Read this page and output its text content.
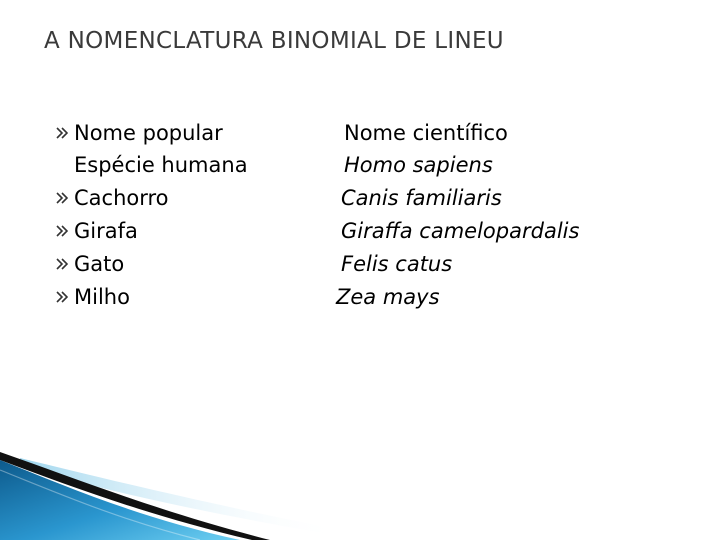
A NOMENCLATURA BINOMIAL DE LINEU
Nome popular	Nome científico
Espécie humana	Homo sapiens
Cachorro	Canis familiaris
Girafa	Giraffa camelopardalis
Gato	Felis catus
Milho	Zea mays
